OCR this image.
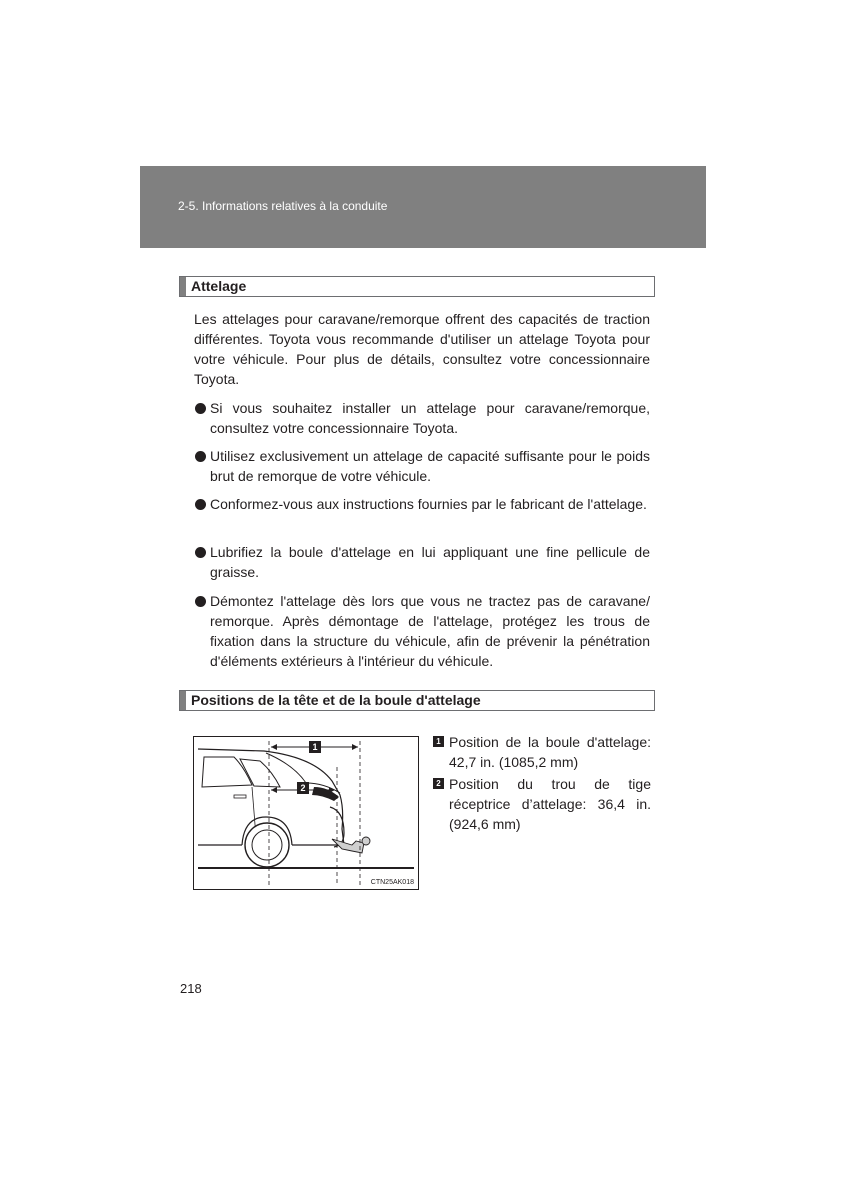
2-5. Informations relatives à la conduite
Attelage

Les attelages pour caravane/remorque offrent des capacités de traction différentes. Toyota vous recommande d'utiliser un attelage Toyota pour votre véhicule. Pour plus de détails, consultez votre concessionnaire Toyota.

Si vous souhaitez installer un attelage pour caravane/remorque, consultez votre concessionnaire Toyota.
Utilisez exclusivement un attelage de capacité suffisante pour le poids brut de remorque de votre véhicule.
Conformez-vous aux instructions fournies par le fabricant de l'attelage.
Lubrifiez la boule d'attelage en lui appliquant une fine pellicule de graisse.
Démontez l'attelage dès lors que vous ne tractez pas de caravane/ remorque. Après démontage de l'attelage, protégez les trous de fixation dans la structure du véhicule, afin de prévenir la pénétration d'éléments extérieurs à l'intérieur du véhicule.
Positions de la tête et de la boule d'attelage
1
2
CTN25AK018
1 Position de la boule d'attelage: 42,7 in. (1085,2 mm)
2 Position du trou de tige réceptrice d’attelage: 36,4 in. (924,6 mm)
218
